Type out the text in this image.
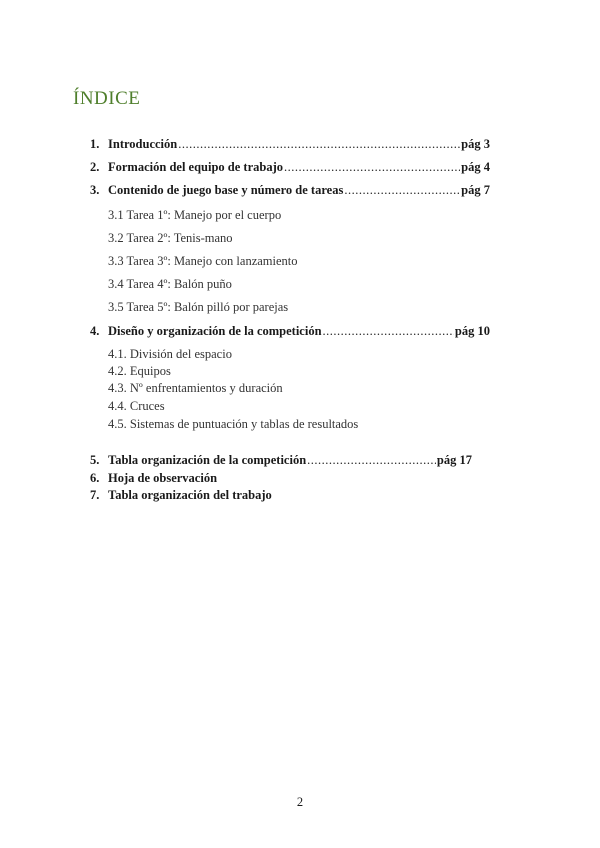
ÍNDICE
1. Introducción .....	pág 3
2. Formación del equipo de trabajo .....	pág 4
3. Contenido de juego base y número de tareas .....	pág 7
3.1 Tarea 1º: Manejo por el cuerpo
3.2 Tarea 2º: Tenis-mano
3.3 Tarea 3º: Manejo con lanzamiento
3.4 Tarea 4º: Balón puño
3.5 Tarea 5º: Balón pilló por parejas
4. Diseño y organización de la competición .....	pág 10
4.1. División del espacio
4.2. Equipos
4.3. Nº enfrentamientos y duración
4.4. Cruces
4.5. Sistemas de puntuación y tablas de resultados
5. Tabla organización de la competición .....	pág 17
6. Hoja de observación
7. Tabla organización del trabajo
2
